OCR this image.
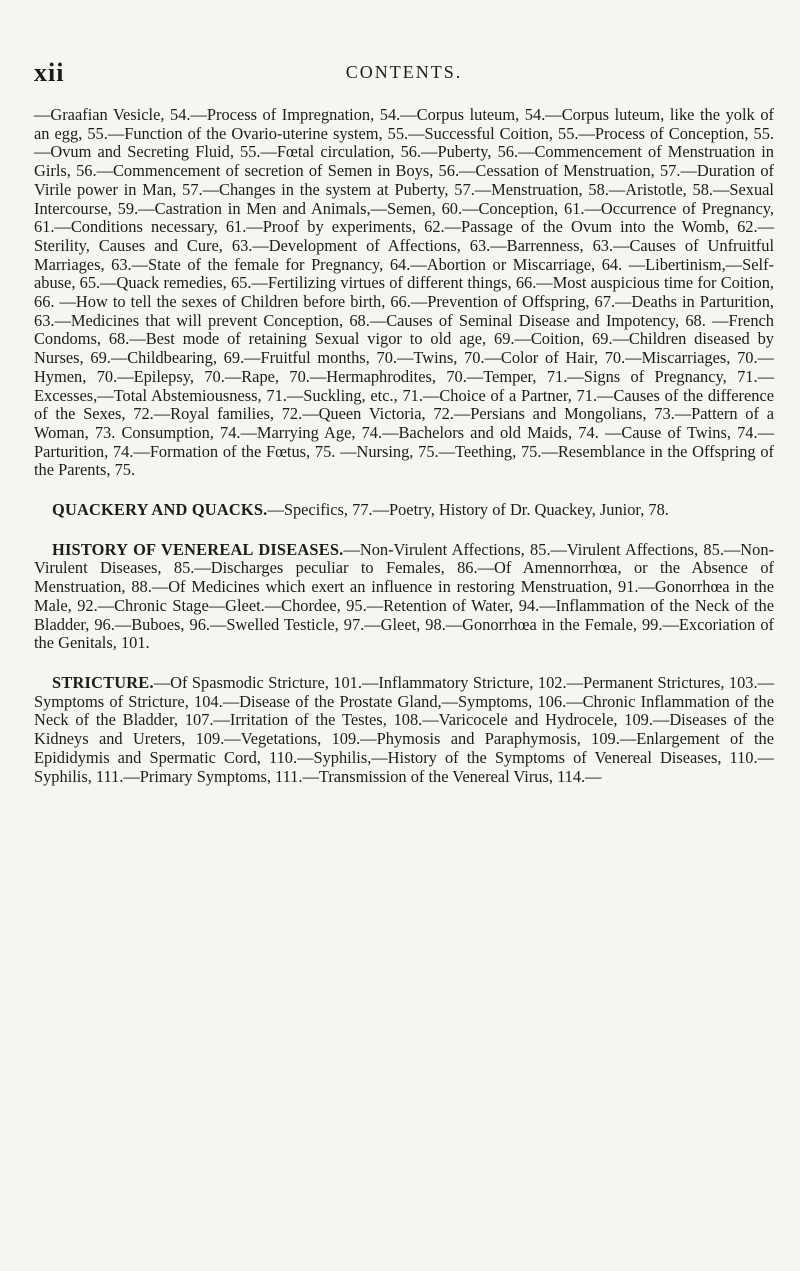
xii	CONTENTS.

—Graafian Vesicle, 54.—Process of Impregnation, 54.—Corpus luteum, 54.—Corpus luteum, like the yolk of an egg, 55.—Function of the Ovario-uterine system, 55.—Successful Coition, 55.—Process of Conception, 55.—Ovum and Secreting Fluid, 55.—Fœtal circulation, 56.—Puberty, 56.—Commencement of Menstruation in Girls, 56.—Commencement of secretion of Semen in Boys, 56.—Cessation of Menstruation, 57.—Duration of Virile power in Man, 57.—Changes in the system at Puberty, 57.—Menstruation, 58.—Aristotle, 58.—Sexual Intercourse, 59.—Castration in Men and Animals,—Semen, 60.—Conception, 61.—Occurrence of Pregnancy, 61.—Conditions necessary, 61.—Proof by experiments, 62.—Passage of the Ovum into the Womb, 62.—Sterility, Causes and Cure, 63.—Development of Affections, 63.—Barrenness, 63.—Causes of Unfruitful Marriages, 63.—State of the female for Pregnancy, 64.—Abortion or Miscarriage, 64. —Libertinism,—Self-abuse, 65.—Quack remedies, 65.—Fertilizing virtues of different things, 66.—Most auspicious time for Coition, 66. —How to tell the sexes of Children before birth, 66.—Prevention of Offspring, 67.—Deaths in Parturition, 63.—Medicines that will prevent Conception, 68.—Causes of Seminal Disease and Impotency, 68. —French Condoms, 68.—Best mode of retaining Sexual vigor to old age, 69.—Coition, 69.—Children diseased by Nurses, 69.—Childbearing, 69.—Fruitful months, 70.—Twins, 70.—Color of Hair, 70.—Miscarriages, 70.—Hymen, 70.—Epilepsy, 70.—Rape, 70.—Hermaphrodites, 70.—Temper, 71.—Signs of Pregnancy, 71.—Excesses,—Total Abstemiousness, 71.—Suckling, etc., 71.—Choice of a Partner, 71.—Causes of the difference of the Sexes, 72.—Royal families, 72.—Queen Victoria, 72.—Persians and Mongolians, 73.—Pattern of a Woman, 73. Consumption, 74.—Marrying Age, 74.—Bachelors and old Maids, 74. —Cause of Twins, 74.—Parturition, 74.—Formation of the Fœtus, 75. —Nursing, 75.—Teething, 75.—Resemblance in the Offspring of the Parents, 75.

QUACKERY AND QUACKS.—Specifics, 77.—Poetry, History of Dr. Quackey, Junior, 78.

HISTORY OF VENEREAL DISEASES.—Non-Virulent Affections, 85.—Virulent Affections, 85.—Non-Virulent Diseases, 85.—Discharges peculiar to Females, 86.—Of Amennorrhœa, or the Absence of Menstruation, 88.—Of Medicines which exert an influence in restoring Menstruation, 91.—Gonorrhœa in the Male, 92.—Chronic Stage—Gleet.—Chordee, 95.—Retention of Water, 94.—Inflammation of the Neck of the Bladder, 96.—Buboes, 96.—Swelled Testicle, 97.—Gleet, 98.—Gonorrhœa in the Female, 99.—Excoriation of the Genitals, 101.

STRICTURE.—Of Spasmodic Stricture, 101.—Inflammatory Stricture, 102.—Permanent Strictures, 103.—Symptoms of Stricture, 104.—Disease of the Prostate Gland,—Symptoms, 106.—Chronic Inflammation of the Neck of the Bladder, 107.—Irritation of the Testes, 108.—Varicocele and Hydrocele, 109.—Diseases of the Kidneys and Ureters, 109.—Vegetations, 109.—Phymosis and Paraphymosis, 109.—Enlargement of the Epididymis and Spermatic Cord, 110.—Syphilis,—History of the Symptoms of Venereal Diseases, 110.—Syphilis, 111.—Primary Symptoms, 111.—Transmission of the Venereal Virus, 114.—
